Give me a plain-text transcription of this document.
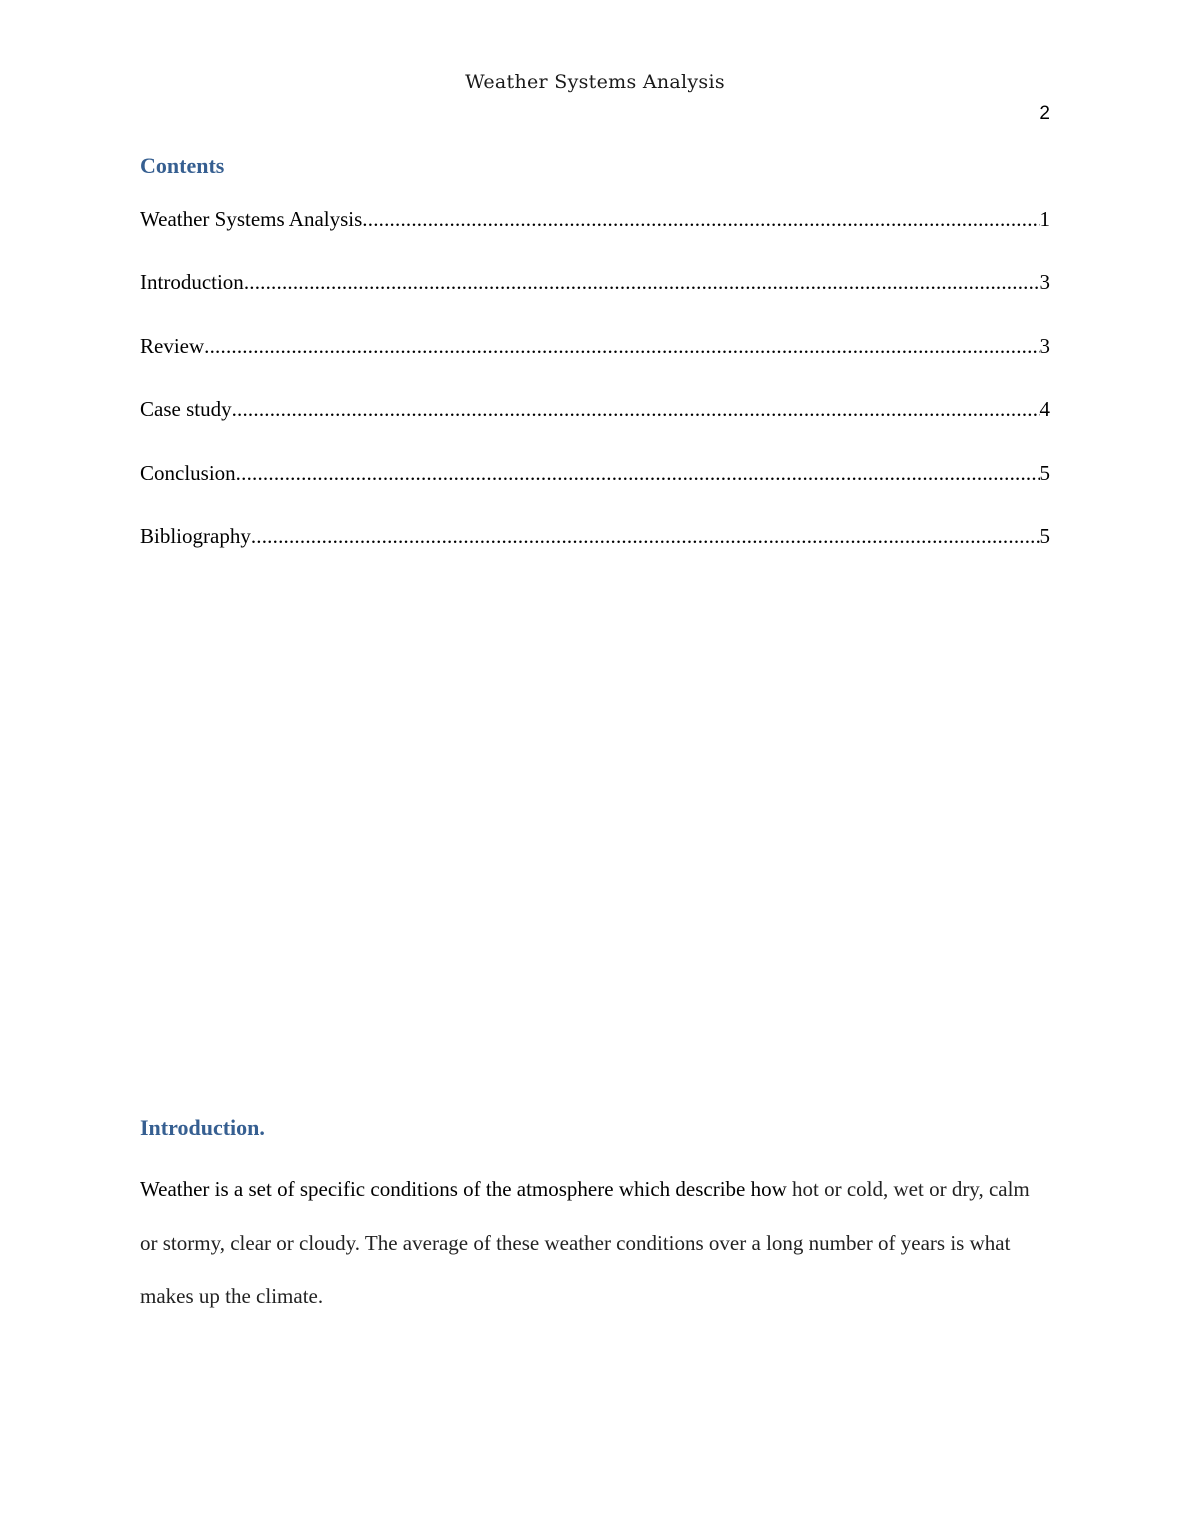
Weather Systems Analysis
2
Contents
Weather Systems Analysis .....	1
Introduction .....	3
Review .....	3
Case study .....	4
Conclusion .....	5
Bibliography .....	5
Introduction.

Weather is a set of specific conditions of the atmosphere which describe how hot or cold, wet or dry, calm or stormy, clear or cloudy. The average of these weather conditions over a long number of years is what makes up the climate.
